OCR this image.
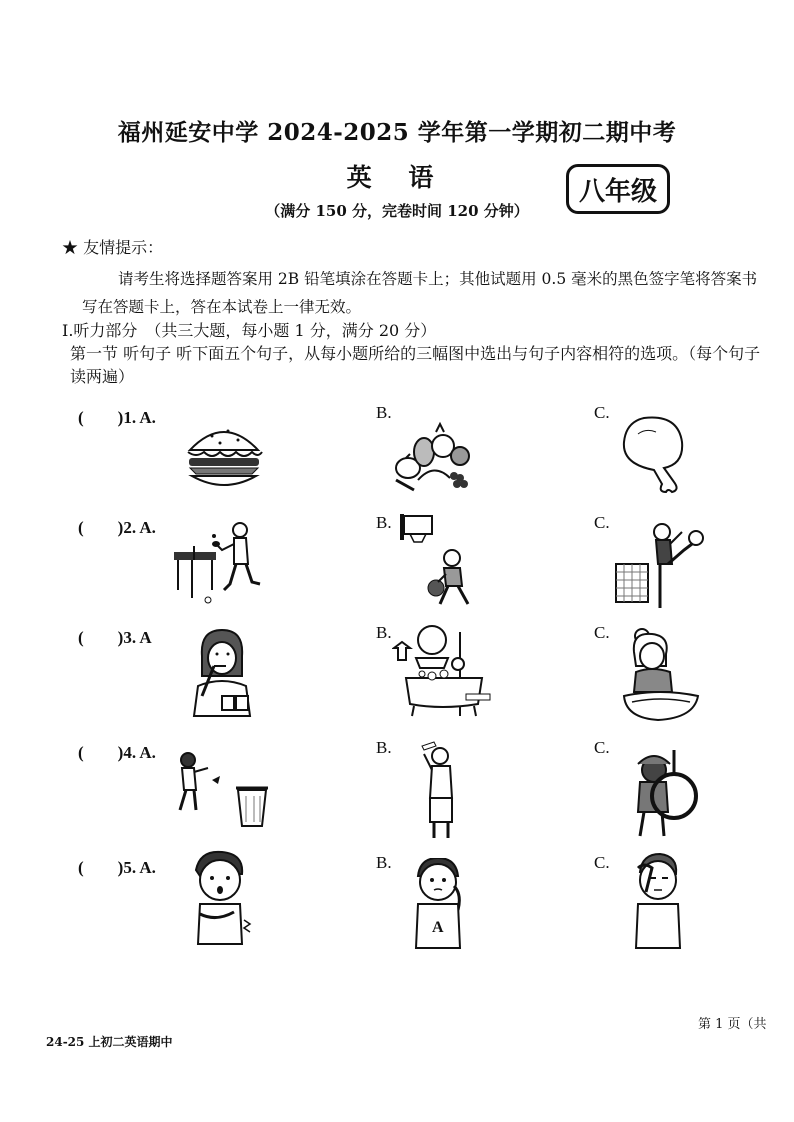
福州延安中学 2024-2025 学年第一学期初二期中考
英 语	八年级
（满分 150 分，完卷时间 120 分钟）
★ 友情提示：
请考生将选择题答案用 2B 铅笔填涂在答题卡上；其他试题用 0.5 毫米的黑色签字笔将答案书写在答题卡上，答在本试卷上一律无效。
I.听力部分　（共三大题，每小题 1 分，满分 20 分）
第一节 听句子 听下面五个句子，从每小题所给的三幅图中选出与句子内容相符的选项。（每个句子读两遍）
(　　)1. A.	B.	C.
(　　)2. A.	B.	C.
(　　)3. A	B.	C.
(　　)4. A.	B.	C.
(　　)5. A.	B.	C.
A
第 1 页（共
24-25 上初二英语期中
